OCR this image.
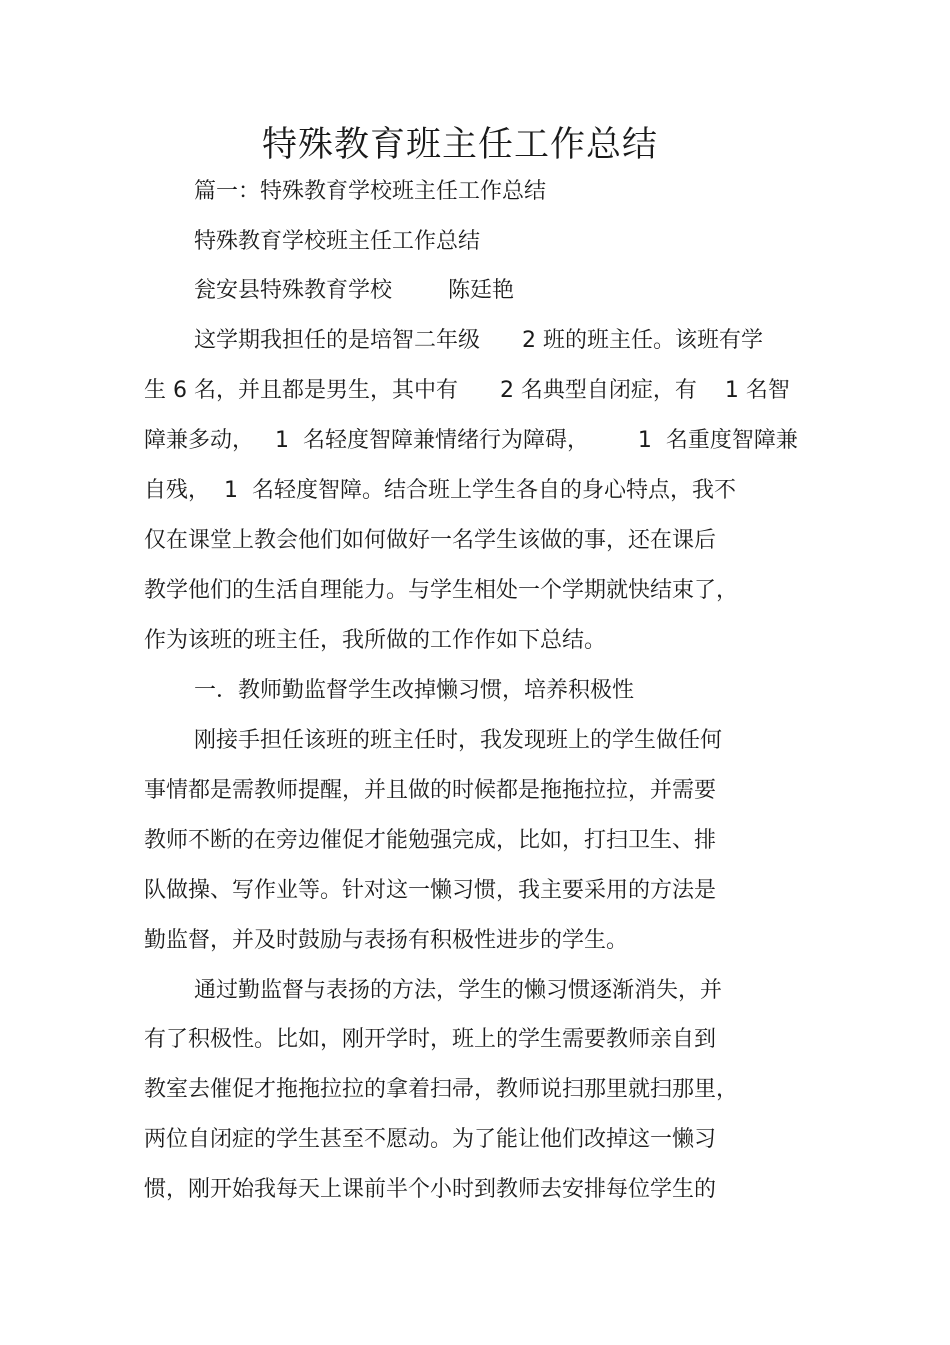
特殊教育班主任工作总结
篇一：特殊教育学校班主任工作总结
特殊教育学校班主任工作总结
瓮安县特殊教育学校        陈廷艳
这学期我担任的是培智二年级      2 班的班主任。该班有学
生 6 名，并且都是男生，其中有      2 名典型自闭症，有    1 名智
障兼多动，   1  名轻度智障兼情绪行为障碍，       1  名重度智障兼
自残，  1  名轻度智障。结合班上学生各自的身心特点，我不
仅在课堂上教会他们如何做好一名学生该做的事，还在课后
教学他们的生活自理能力。与学生相处一个学期就快结束了，
作为该班的班主任，我所做的工作作如下总结。
一．教师勤监督学生改掉懒习惯，培养积极性
刚接手担任该班的班主任时，我发现班上的学生做任何
事情都是需教师提醒，并且做的时候都是拖拖拉拉，并需要
教师不断的在旁边催促才能勉强完成，比如，打扫卫生、排
队做操、写作业等。针对这一懒习惯，我主要采用的方法是
勤监督，并及时鼓励与表扬有积极性进步的学生。
通过勤监督与表扬的方法，学生的懒习惯逐渐消失，并
有了积极性。比如，刚开学时，班上的学生需要教师亲自到
教室去催促才拖拖拉拉的拿着扫帚，教师说扫那里就扫那里，
两位自闭症的学生甚至不愿动。为了能让他们改掉这一懒习
惯，刚开始我每天上课前半个小时到教师去安排每位学生的
